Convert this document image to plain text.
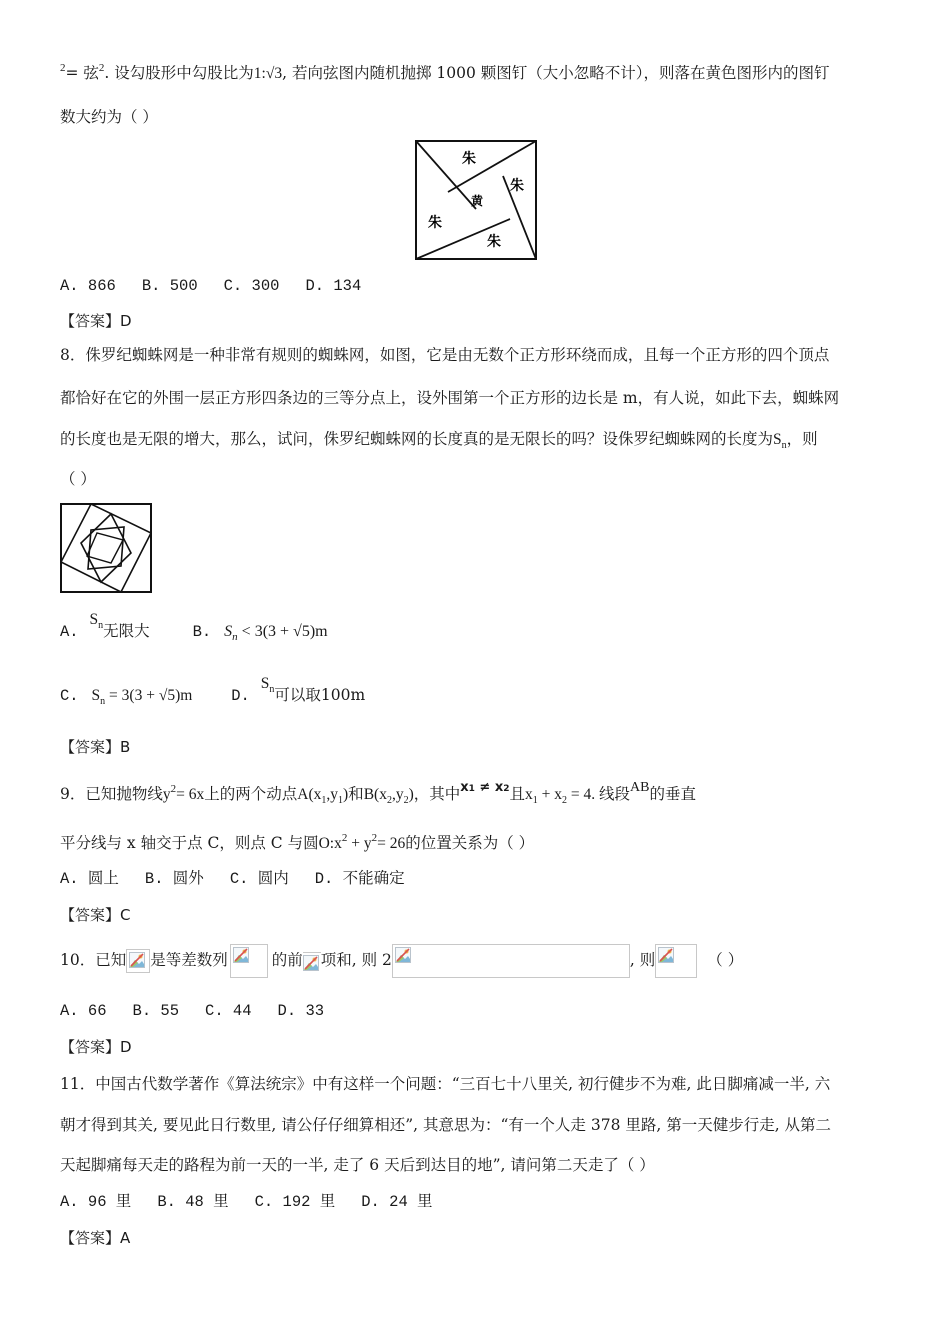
$^2$= 弦$^2$. 设勾股形中勾股比为1:√3, 若向弦图内随机抛掷 1000 颗图钉（大小忽略不计），则落在黄色图形内的图钉
数大约为（ ）
朱
朱
朱
朱
黄
A. 866 B. 500 C. 300 D. 134
【答案】D
8．侏罗纪蜘蛛网是一种非常有规则的蜘蛛网，如图，它是由无数个正方形环绕而成，且每一个正方形的四个顶点
都恰好在它的外围一层正方形四条边的三等分点上，设外围第一个正方形的边长是 m，有人说，如此下去，蜘蛛网
的长度也是无限的增大，那么，试问，侏罗纪蜘蛛网的长度真的是无限长的吗？设侏罗纪蜘蛛网的长度为$S_n$，则
（ ）
A. $S_n$无限大	B. $S_n < 3(3 + √5)m$
C. $S_n = 3(3 + √5)m$	D. $S_n$可以取100m
【答案】B
9．已知抛物线$y^2= 6x$上的两个动点$A(x_1,y_1)$和$B(x_2,y_2)$，其中$^{x1 \ne x2}$且$x_1 + x_2 = 4$. 线段AB的垂直
平分线与 x 轴交于点 C，则点 C 与圆$O:x^2 + y^2= 26$的位置关系为（ ）
A. 圆上 B. 圆外 C. 圆内 D. 不能确定
【答案】C
10．已知 是等差数列	的前 项和, 则 2	, 则	（ ）
A. 66 B. 55 C. 44 D. 33
【答案】D
11．中国古代数学著作《算法统宗》中有这样一个问题：“三百七十八里关, 初行健步不为难, 此日脚痛减一半, 六
朝才得到其关, 要见此日行数里, 请公仔仔细算相还”, 其意思为：“有一个人走 378 里路, 第一天健步行走, 从第二
天起脚痛每天走的路程为前一天的一半, 走了 6 天后到达目的地”, 请问第二天走了（ ）
A. 96 里 B. 48 里 C. 192 里 D. 24 里
【答案】A
